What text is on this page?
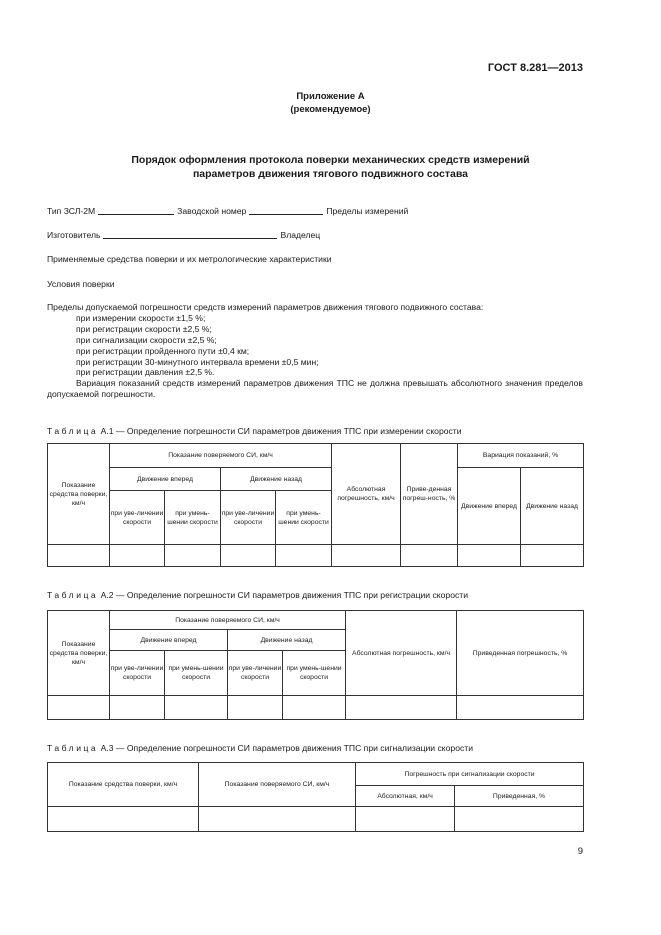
ГОСТ 8.281—2013
Приложение А
(рекомендуемое)
Порядок оформления протокола поверки механических средств измерений
параметров движения тягового подвижного состава
Тип ЗСЛ-2М	Заводской номер	Пределы измерений
Изготовитель	Владелец
Применяемые средства поверки и их метрологические характеристики
Условия поверки
Пределы допускаемой погрешности средств измерений параметров движения тягового подвижного состава:
при измерении скорости ±1,5 %;
при регистрации скорости ±2,5 %;
при сигнализации скорости ±2,5 %;
при регистрации пройденного пути ±0,4 км;
при регистрации 30-минутного интервала времени ±0,5 мин;
при регистрации давления ±2,5 %.
Вариация показаний средств измерений параметров движения ТПС не должна превышать абсолютного значения пределов допускаемой погрешности.
Таблица А.1 — Определение погрешности СИ параметров движения ТПС при измерении скорости
Показание средства поверки, км/ч	Показание поверяемого СИ, км/ч				Абсолютная погрешность, км/ч	Приве-денная погреш-ность, %	Вариация показаний, %	
	Движение вперед		Движение назад				Движение вперед	Движение назад
	при уве-личении скорости	при умень-шении скорости	при уве-личении скорости	при умень-шении скорости				

Таблица А.2 — Определение погрешности СИ параметров движения ТПС при регистрации скорости
Показание средства поверки, км/ч	Показание поверяемого СИ, км/ч				Абсолютная погрешность, км/ч	Приведенная погрешность, %
	Движение вперед		Движение назад			
	при уве-личении скорости	при умень-шении скорости	при уве-личении скорости	при умень-шении скорости		

Таблица А.3 — Определение погрешности СИ параметров движения ТПС при сигнализации скорости
Показание средства поверки, км/ч	Показание поверяемого СИ, км/ч	Погрешность при сигнализации скорости	
		Абсолютная, км/ч	Приведенная, %

9
